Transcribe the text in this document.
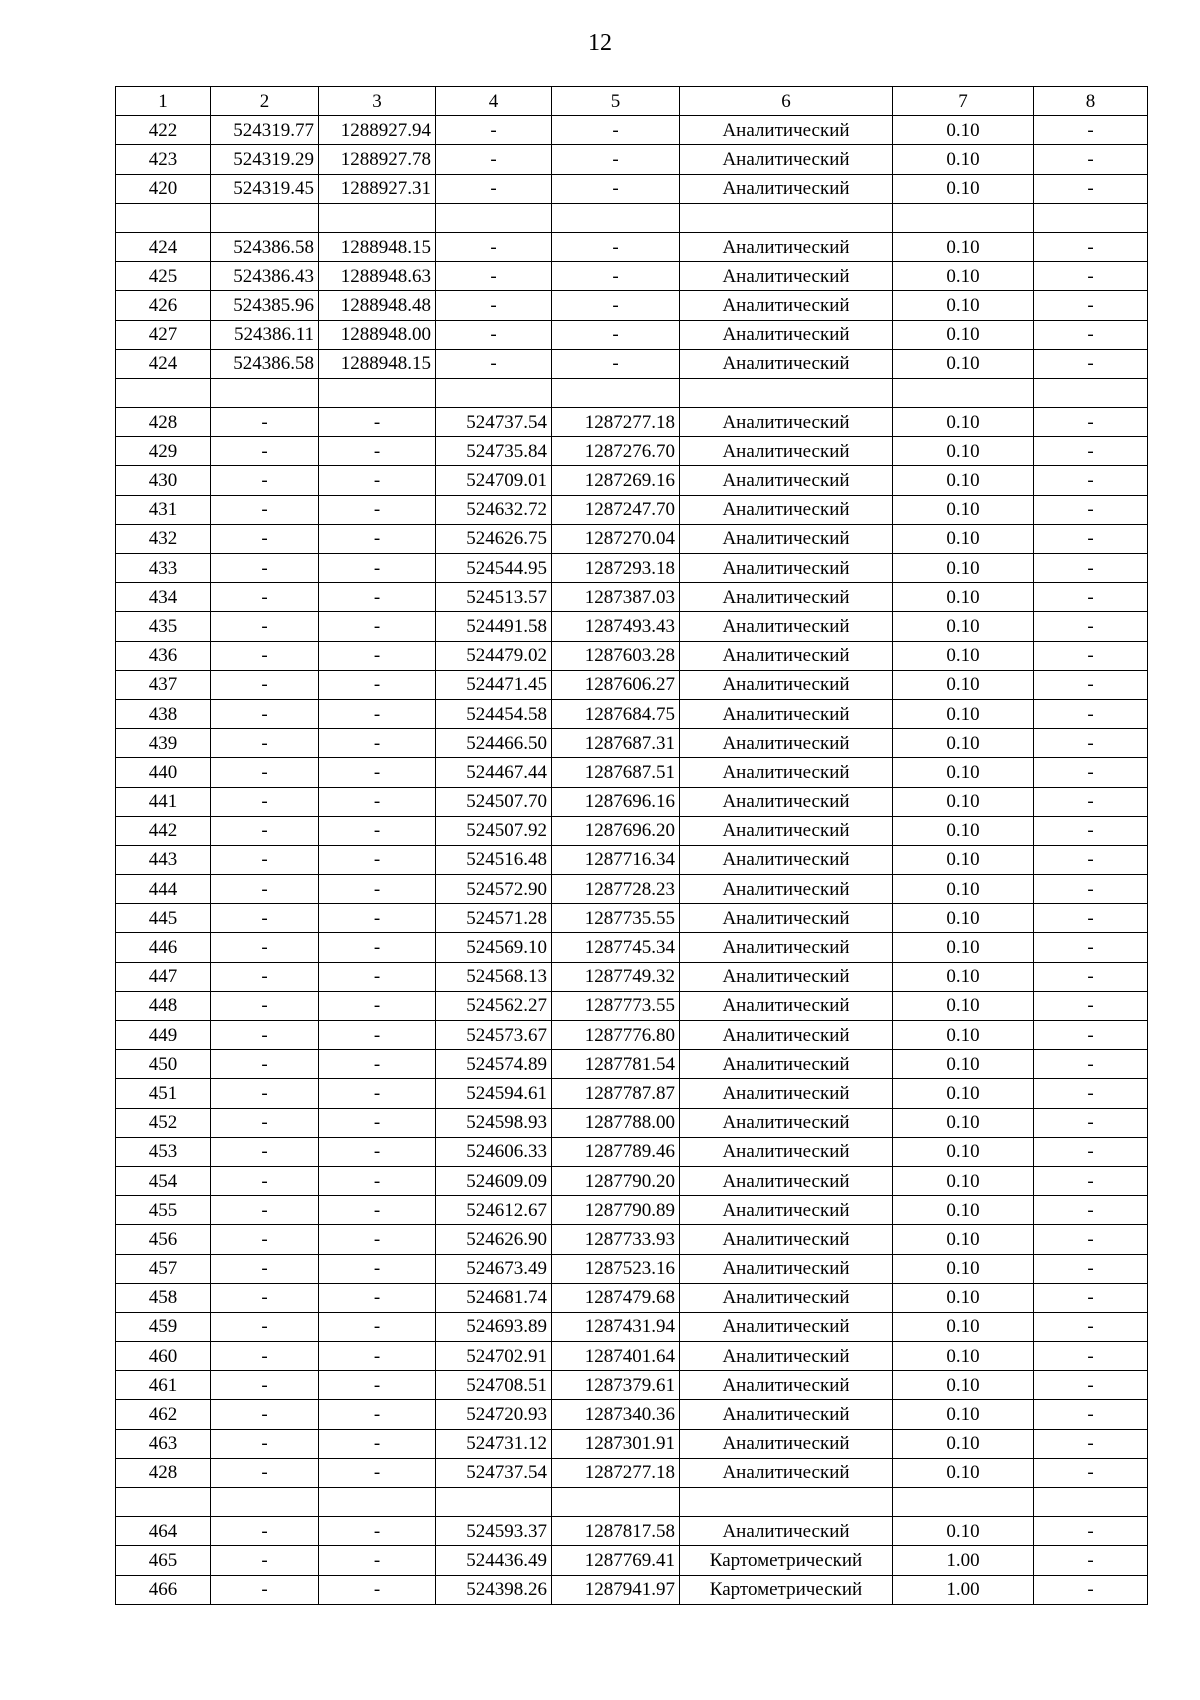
12
1	2	3	4	5	6	7	8
422	524319.77	1288927.94	-	-	Аналитический	0.10	-
423	524319.29	1288927.78	-	-	Аналитический	0.10	-
420	524319.45	1288927.31	-	-	Аналитический	0.10	-

424	524386.58	1288948.15	-	-	Аналитический	0.10	-
425	524386.43	1288948.63	-	-	Аналитический	0.10	-
426	524385.96	1288948.48	-	-	Аналитический	0.10	-
427	524386.11	1288948.00	-	-	Аналитический	0.10	-
424	524386.58	1288948.15	-	-	Аналитический	0.10	-

428	-	-	524737.54	1287277.18	Аналитический	0.10	-
429	-	-	524735.84	1287276.70	Аналитический	0.10	-
430	-	-	524709.01	1287269.16	Аналитический	0.10	-
431	-	-	524632.72	1287247.70	Аналитический	0.10	-
432	-	-	524626.75	1287270.04	Аналитический	0.10	-
433	-	-	524544.95	1287293.18	Аналитический	0.10	-
434	-	-	524513.57	1287387.03	Аналитический	0.10	-
435	-	-	524491.58	1287493.43	Аналитический	0.10	-
436	-	-	524479.02	1287603.28	Аналитический	0.10	-
437	-	-	524471.45	1287606.27	Аналитический	0.10	-
438	-	-	524454.58	1287684.75	Аналитический	0.10	-
439	-	-	524466.50	1287687.31	Аналитический	0.10	-
440	-	-	524467.44	1287687.51	Аналитический	0.10	-
441	-	-	524507.70	1287696.16	Аналитический	0.10	-
442	-	-	524507.92	1287696.20	Аналитический	0.10	-
443	-	-	524516.48	1287716.34	Аналитический	0.10	-
444	-	-	524572.90	1287728.23	Аналитический	0.10	-
445	-	-	524571.28	1287735.55	Аналитический	0.10	-
446	-	-	524569.10	1287745.34	Аналитический	0.10	-
447	-	-	524568.13	1287749.32	Аналитический	0.10	-
448	-	-	524562.27	1287773.55	Аналитический	0.10	-
449	-	-	524573.67	1287776.80	Аналитический	0.10	-
450	-	-	524574.89	1287781.54	Аналитический	0.10	-
451	-	-	524594.61	1287787.87	Аналитический	0.10	-
452	-	-	524598.93	1287788.00	Аналитический	0.10	-
453	-	-	524606.33	1287789.46	Аналитический	0.10	-
454	-	-	524609.09	1287790.20	Аналитический	0.10	-
455	-	-	524612.67	1287790.89	Аналитический	0.10	-
456	-	-	524626.90	1287733.93	Аналитический	0.10	-
457	-	-	524673.49	1287523.16	Аналитический	0.10	-
458	-	-	524681.74	1287479.68	Аналитический	0.10	-
459	-	-	524693.89	1287431.94	Аналитический	0.10	-
460	-	-	524702.91	1287401.64	Аналитический	0.10	-
461	-	-	524708.51	1287379.61	Аналитический	0.10	-
462	-	-	524720.93	1287340.36	Аналитический	0.10	-
463	-	-	524731.12	1287301.91	Аналитический	0.10	-
428	-	-	524737.54	1287277.18	Аналитический	0.10	-

464	-	-	524593.37	1287817.58	Аналитический	0.10	-
465	-	-	524436.49	1287769.41	Картометрический	1.00	-
466	-	-	524398.26	1287941.97	Картометрический	1.00	-
